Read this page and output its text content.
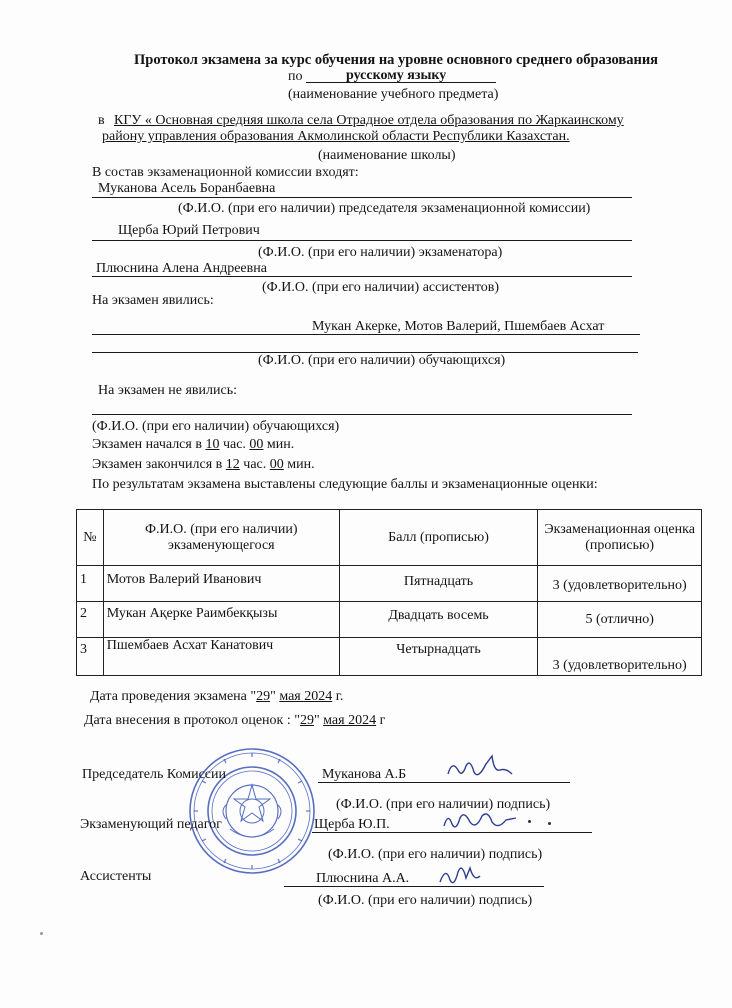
Протокол экзамена за курс обучения на уровне основного среднего образования
по	русскому языку
(наименование учебного предмета)
в КГУ « Основная средняя школа села Отрадное отдела образования по Жаркаинскому
району управления образования Акмолинской области Республики Казахстан.
(наименование школы)
В состав экзаменационной комиссии входят:
Муканова Асель Боранбаевна
(Ф.И.О. (при его наличии) председателя экзаменационной комиссии)
Щерба Юрий Петрович
(Ф.И.О. (при его наличии) экзаменатора)
Плюснина Алена Андреевна
(Ф.И.О. (при его наличии) ассистентов)
На экзамен явились:
Мукан Акерке, Мотов Валерий, Пшембаев Асхат
(Ф.И.О. (при его наличии) обучающихся)
На экзамен не явились:
(Ф.И.О. (при его наличии) обучающихся)
Экзамен начался в 10 час. 00 мин.
Экзамен закончился в 12 час. 00 мин.
По результатам экзамена выставлены следующие баллы и экзаменационные оценки:
№	Ф.И.О. (при его наличии) экзаменующегося	Балл (прописью)	Экзаменационная оценка (прописью)
1	Мотов Валерий Иванович	Пятнадцать	3 (удовлетворительно)
2	Мукан Ақерке Раимбекқызы	Двадцать восемь	5 (отлично)
3	Пшембаев Асхат Канатович	Четырнадцать	3 (удовлетворительно)
Дата проведения экзамена "29" мая 2024 г.
Дата внесения в протокол оценок : "29" мая 2024 г
Председатель Комиссии	Муканова А.Б
(Ф.И.О. (при его наличии) подпись)
Экзаменующий педагог	Щерба Ю.П.
(Ф.И.О. (при его наличии) подпись)
Ассистенты	Плюснина А.А.
(Ф.И.О. (при его наличии) подпись)
